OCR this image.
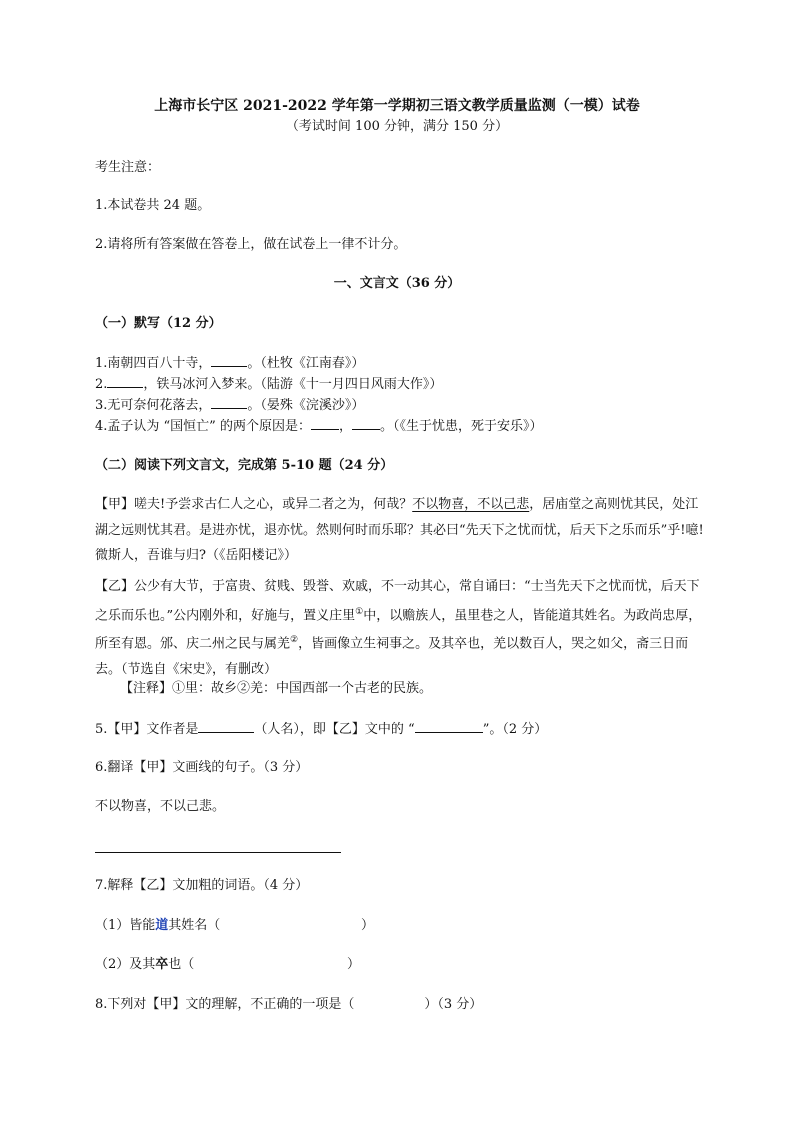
上海市长宁区 2021-2022 学年第一学期初三语文教学质量监测（一模）试卷
（考试时间 100 分钟，满分 150 分）
考生注意：
1.本试卷共 24 题。
2.请将所有答案做在答卷上，做在试卷上一律不计分。
一、文言文（36 分）
（一）默写（12 分）
1.南朝四百八十寺，	。（杜牧《江南春》）
2.	，铁马冰河入梦来。（陆游《十一月四日风雨大作》）
3.无可奈何花落去，	。（晏殊《浣溪沙》）
4.孟子认为 “国恒亡” 的两个原因是： ， 。（《生于忧患，死于安乐》）
（二）阅读下列文言文，完成第 5-10 题（24 分）
【甲】嗟夫!予尝求古仁人之心，或异二者之为，何哉？不以物喜，不以己悲，居庙堂之高则忧其民，处江湖之远则忧其君。是进亦忧，退亦忧。然则何时而乐耶？其必曰“先天下之忧而忧，后天下之乐而乐”乎!噫!微斯人，吾谁与归?（《岳阳楼记》）
【乙】公少有大节，于富贵、贫贱、毁誉、欢戚，不一动其心，常自诵曰：“士当先天下之忧而忧，后天下之乐而乐也。”公内刚外和，好施与，置义庄里①中，以赡族人，虽里巷之人，皆能道其姓名。为政尚忠厚，所至有恩。邠、庆二州之民与属羌②，皆画像立生祠事之。及其卒也，羌以数百人，哭之如父，斋三日而去。（节选自《宋史》，有删改）
【注释】①里：故乡②羌：中国西部一个古老的民族。
5.【甲】文作者是	（人名），即【乙】文中的 “	”。（2 分）
6.翻译【甲】文画线的句子。（3 分）
不以物喜，不以己悲。
7.解释【乙】文加粗的词语。（4 分）
（1）皆能道其姓名（	）
（2）及其卒也（	）
8.下列对【甲】文的理解，不正确的一项是（	）（3 分）
